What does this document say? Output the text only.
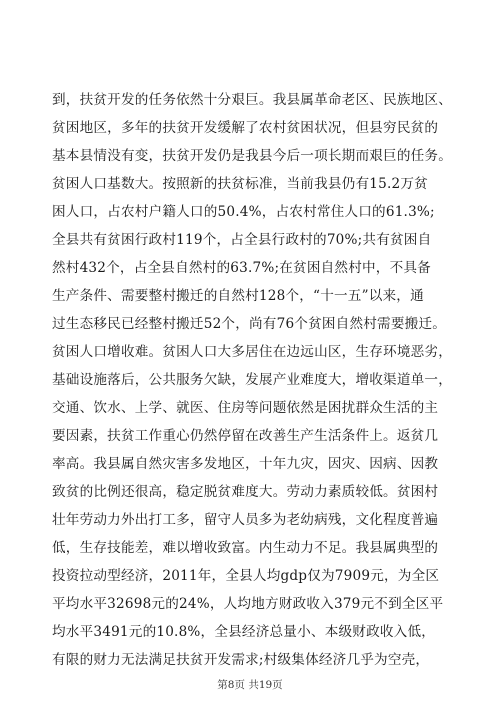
到，扶贫开发的任务依然十分艰巨。我县属革命老区、民族地区、
贫困地区，多年的扶贫开发缓解了农村贫困状况，但县穷民贫的
基本县情没有变，扶贫开发仍是我县今后一项长期而艰巨的任务。
贫困人口基数大。按照新的扶贫标准，当前我县仍有15.2万贫
困人口，占农村户籍人口的50.4%，占农村常住人口的61.3%;
全县共有贫困行政村119个，占全县行政村的70%;共有贫困自
然村432个，占全县自然村的63.7%;在贫困自然村中，不具备
生产条件、需要整村搬迁的自然村128个，“十一五”以来，通
过生态移民已经整村搬迁52个，尚有76个贫困自然村需要搬迁。
贫困人口增收难。贫困人口大多居住在边远山区，生存环境恶劣，
基础设施落后，公共服务欠缺，发展产业难度大，增收渠道单一，
交通、饮水、上学、就医、住房等问题依然是困扰群众生活的主
要因素，扶贫工作重心仍然停留在改善生产生活条件上。返贫几
率高。我县属自然灾害多发地区，十年九灾，因灾、因病、因教
致贫的比例还很高，稳定脱贫难度大。劳动力素质较低。贫困村
壮年劳动力外出打工多，留守人员多为老幼病残，文化程度普遍
低，生存技能差，难以增收致富。内生动力不足。我县属典型的
投资拉动型经济，2011年，全县人均gdp仅为7909元，为全区
平均水平32698元的24%，人均地方财政收入379元不到全区平
均水平3491元的10.8%，全县经济总量小、本级财政收入低，
有限的财力无法满足扶贫开发需求;村级集体经济几乎为空壳，
第8页 共19页
